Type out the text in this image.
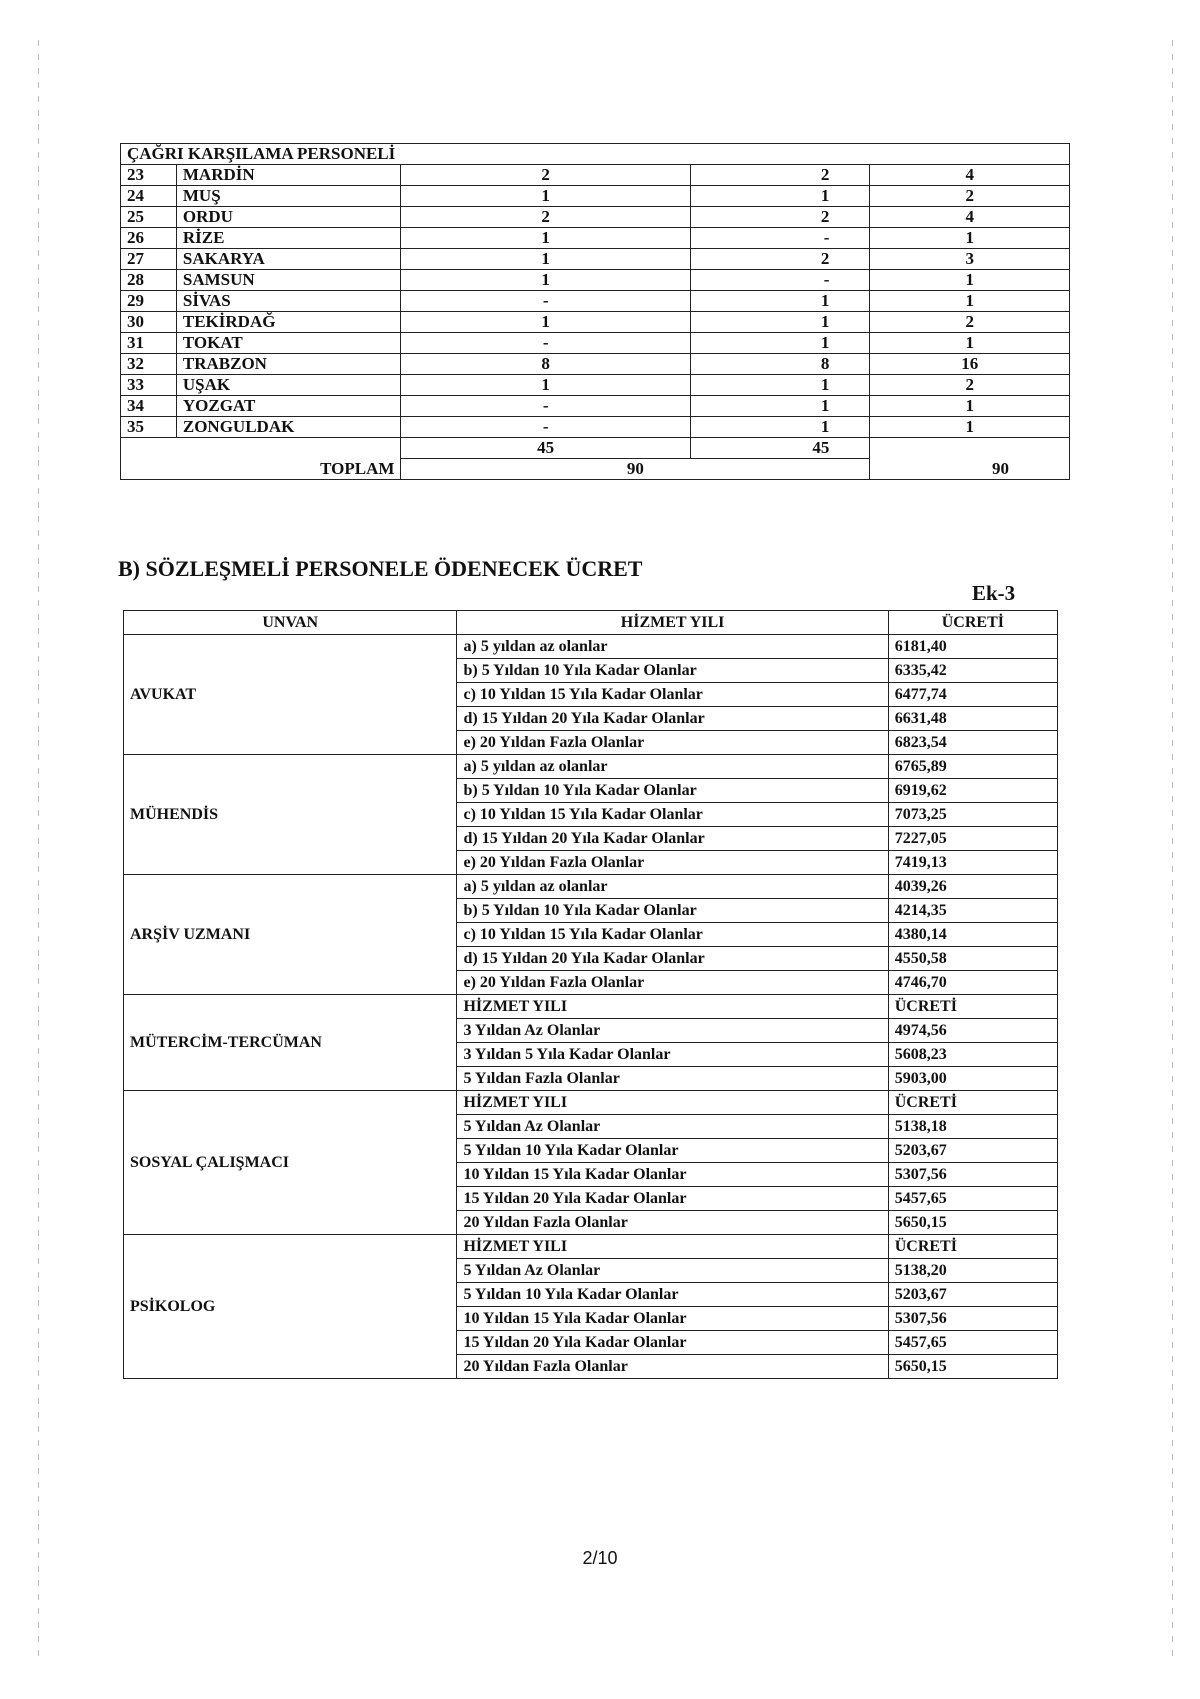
ÇAĞRI KARŞILAMA PERSONELİ				
23	MARDİN	2	2	4
24	MUŞ	1	1	2
25	ORDU	2	2	4
26	RİZE	1	-	1
27	SAKARYA	1	2	3
28	SAMSUN	1	-	1
29	SİVAS	-	1	1
30	TEKİRDAĞ	1	1	2
31	TOKAT	-	1	1
32	TRABZON	8	8	16
33	UŞAK	1	1	2
34	YOZGAT	-	1	1
35	ZONGULDAK	-	1	1
		45	45	
TOPLAM		90		90
B) SÖZLEŞMELİ PERSONELE ÖDENECEK ÜCRET
Ek-3
UNVAN	HİZMET YILI	ÜCRETİ
AVUKAT	a) 5 yıldan az olanlar	6181,40
	b) 5 Yıldan 10 Yıla Kadar Olanlar	6335,42
	c) 10 Yıldan 15 Yıla Kadar Olanlar	6477,74
	d) 15 Yıldan 20 Yıla Kadar Olanlar	6631,48
	e) 20 Yıldan Fazla Olanlar	6823,54
MÜHENDİS	a) 5 yıldan az olanlar	6765,89
	b) 5 Yıldan 10 Yıla Kadar Olanlar	6919,62
	c) 10 Yıldan 15 Yıla Kadar Olanlar	7073,25
	d) 15 Yıldan 20 Yıla Kadar Olanlar	7227,05
	e) 20 Yıldan Fazla Olanlar	7419,13
ARŞİV UZMANI	a) 5 yıldan az olanlar	4039,26
	b) 5 Yıldan 10 Yıla Kadar Olanlar	4214,35
	c) 10 Yıldan 15 Yıla Kadar Olanlar	4380,14
	d) 15 Yıldan 20 Yıla Kadar Olanlar	4550,58
	e) 20 Yıldan Fazla Olanlar	4746,70
MÜTERCİM-TERCÜMAN	HİZMET YILI	ÜCRETİ
	3 Yıldan Az Olanlar	4974,56
	3 Yıldan 5 Yıla Kadar Olanlar	5608,23
	5 Yıldan Fazla Olanlar	5903,00
SOSYAL ÇALIŞMACI	HİZMET YILI	ÜCRETİ
	5 Yıldan Az Olanlar	5138,18
	5 Yıldan 10 Yıla Kadar Olanlar	5203,67
	10 Yıldan 15 Yıla Kadar Olanlar	5307,56
	15 Yıldan 20 Yıla Kadar Olanlar	5457,65
	20 Yıldan Fazla Olanlar	5650,15
PSİKOLOG	HİZMET YILI	ÜCRETİ
	5 Yıldan Az Olanlar	5138,20
	5 Yıldan 10 Yıla Kadar Olanlar	5203,67
	10 Yıldan 15 Yıla Kadar Olanlar	5307,56
	15 Yıldan 20 Yıla Kadar Olanlar	5457,65
	20 Yıldan Fazla Olanlar	5650,15
2/10
